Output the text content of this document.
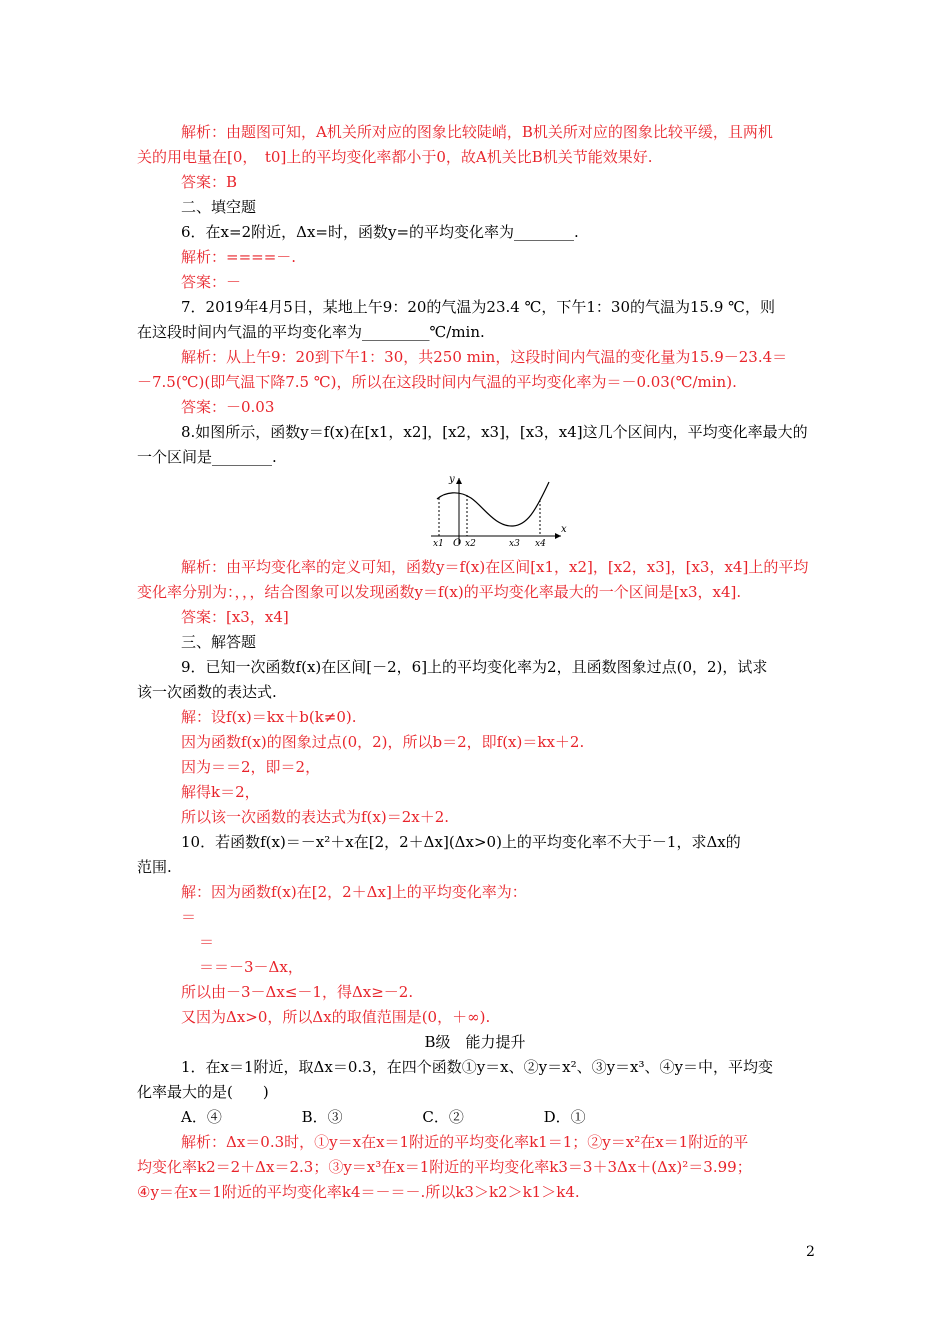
解析：由题图可知，A机关所对应的图象比较陡峭，B机关所对应的图象比较平缓，且两机
关的用电量在[0，　t0]上的平均变化率都小于0，故A机关比B机关节能效果好.
答案：B
二、填空题
6．在x=2附近，Δx=时，函数y=的平均变化率为________.
解析：====－.
答案：－
7．2019年4月5日，某地上午9：20的气温为23.4 ℃，下午1：30的气温为15.9 ℃，则
在这段时间内气温的平均变化率为_________℃/min.
解析：从上午9：20到下午1：30，共250 min，这段时间内气温的变化量为15.9－23.4＝
－7.5(℃)(即气温下降7.5 ℃)，所以在这段时间内气温的平均变化率为＝－0.03(℃/min).
答案：－0.03
8.如图所示，函数y＝f(x)在[x1，x2]，[x2，x3]，[x3，x4]这几个区间内，平均变化率最大的
一个区间是________.
解析：由平均变化率的定义可知，函数y＝f(x)在区间[x1，x2]，[x2，x3]，[x3，x4]上的平均
变化率分别为：，，，结合图象可以发现函数y＝f(x)的平均变化率最大的一个区间是[x3，x4].
答案：[x3，x4]
三、解答题
9．已知一次函数f(x)在区间[－2，6]上的平均变化率为2，且函数图象过点(0，2)，试求
该一次函数的表达式.
解：设f(x)＝kx＋b(k≠0).
因为函数f(x)的图象过点(0，2)，所以b＝2，即f(x)＝kx＋2.
因为＝＝2，即＝2，
解得k＝2，
所以该一次函数的表达式为f(x)＝2x＋2.
10．若函数f(x)＝－x²＋x在[2，2＋Δx](Δx>0)上的平均变化率不大于－1，求Δx的
范围.
解：因为函数f(x)在[2，2＋Δx]上的平均变化率为：
＝
＝
＝＝－3－Δx，
所以由－3－Δx≤－1，得Δx≥－2.
又因为Δx>0，所以Δx的取值范围是(0，＋∞).
B级　能力提升
1．在x＝1附近，取Δx＝0.3，在四个函数①y＝x、②y＝x²、③y＝x³、④y＝中，平均变
化率最大的是(　　)
A．④　　　　　 B．③　　　　　 C．②　　　　　 D．①
解析：Δx＝0.3时，①y＝x在x＝1附近的平均变化率k1＝1；②y＝x²在x＝1附近的平
均变化率k2＝2＋Δx＝2.3；③y＝x³在x＝1附近的平均变化率k3＝3＋3Δx＋(Δx)²＝3.99；
④y＝在x＝1附近的平均变化率k4＝－＝－.所以k3＞k2＞k1＞k4.
y
x
O
x1 x2	x3 x4
2
